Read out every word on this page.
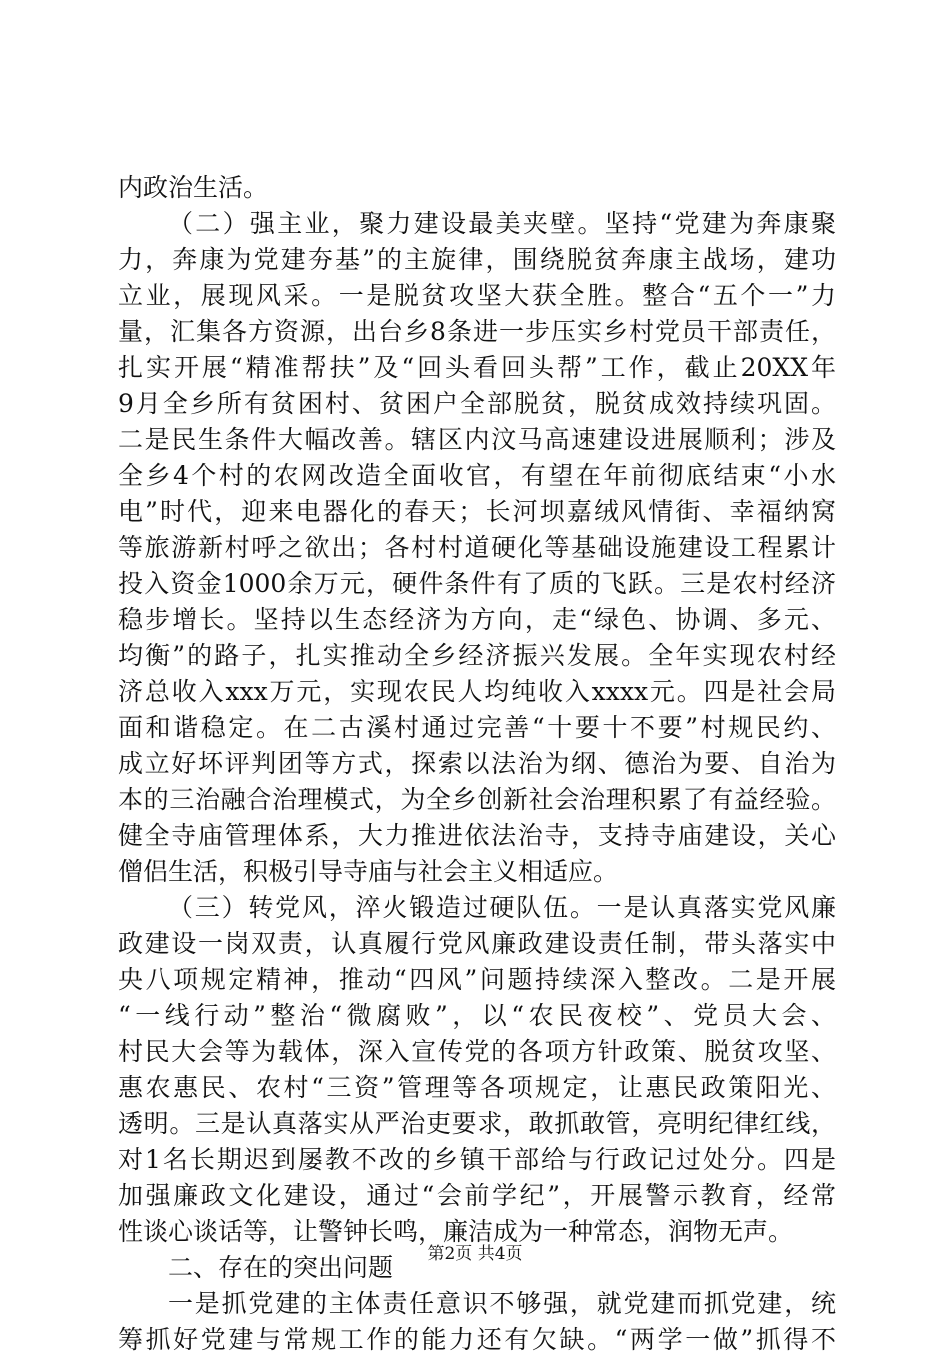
内政治生活。
（二）强主业，聚力建设最美夹壁。坚持“党建为奔康聚
力，奔康为党建夯基”的主旋律，围绕脱贫奔康主战场，建功
立业，展现风采。一是脱贫攻坚大获全胜。整合“五个一”力
量，汇集各方资源，出台乡8条进一步压实乡村党员干部责任，
扎实开展“精准帮扶”及“回头看回头帮”工作，截止20XX年
9月全乡所有贫困村、贫困户全部脱贫，脱贫成效持续巩固。
二是民生条件大幅改善。辖区内汶马高速建设进展顺利；涉及
全乡4个村的农网改造全面收官，有望在年前彻底结束“小水
电”时代，迎来电器化的春天；长河坝嘉绒风情街、幸福纳窝
等旅游新村呼之欲出；各村村道硬化等基础设施建设工程累计
投入资金1000余万元，硬件条件有了质的飞跃。三是农村经济
稳步增长。坚持以生态经济为方向，走“绿色、协调、多元、
均衡”的路子，扎实推动全乡经济振兴发展。全年实现农村经
济总收入xxx万元，实现农民人均纯收入xxxx元。四是社会局
面和谐稳定。在二古溪村通过完善“十要十不要”村规民约、
成立好坏评判团等方式，探索以法治为纲、德治为要、自治为
本的三治融合治理模式，为全乡创新社会治理积累了有益经验。
健全寺庙管理体系，大力推进依法治寺，支持寺庙建设，关心
僧侣生活，积极引导寺庙与社会主义相适应。
（三）转党风，淬火锻造过硬队伍。一是认真落实党风廉
政建设一岗双责，认真履行党风廉政建设责任制，带头落实中
央八项规定精神，推动“四风”问题持续深入整改。二是开展
“一线行动”整治“微腐败”，以“农民夜校”、党员大会、
村民大会等为载体，深入宣传党的各项方针政策、脱贫攻坚、
惠农惠民、农村“三资”管理等各项规定，让惠民政策阳光、
透明。三是认真落实从严治吏要求，敢抓敢管，亮明纪律红线，
对1名长期迟到屡教不改的乡镇干部给与行政记过处分。四是
加强廉政文化建设，通过“会前学纪”，开展警示教育，经常
性谈心谈话等，让警钟长鸣，廉洁成为一种常态，润物无声。
二、存在的突出问题
一是抓党建的主体责任意识不够强，就党建而抓党建，统
筹抓好党建与常规工作的能力还有欠缺。“两学一做”抓得不
第2页 共4页
